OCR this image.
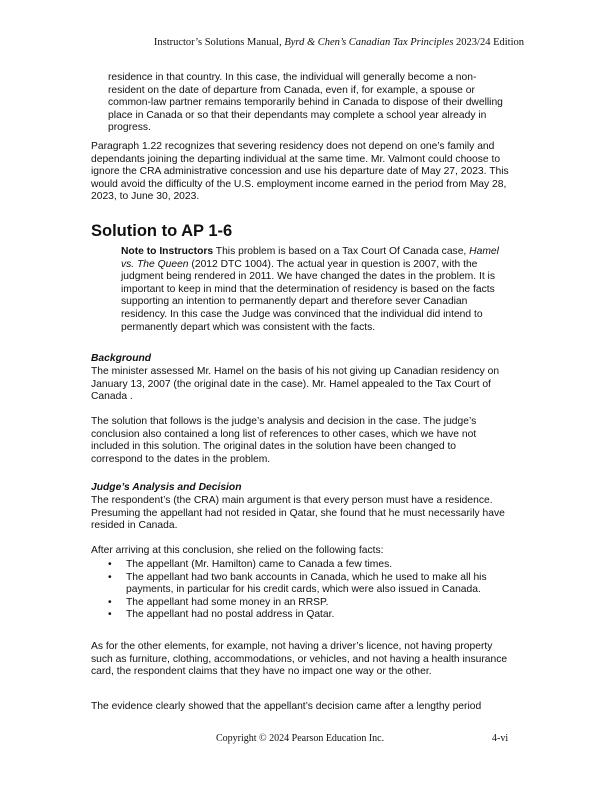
Instructor’s Solutions Manual, Byrd & Chen’s Canadian Tax Principles 2023/24 Edition
residence in that country. In this case, the individual will generally become a non-resident on the date of departure from Canada, even if, for example, a spouse or common-law partner remains temporarily behind in Canada to dispose of their dwelling place in Canada or so that their dependants may complete a school year already in progress.
Paragraph 1.22 recognizes that severing residency does not depend on one’s family and dependants joining the departing individual at the same time. Mr. Valmont could choose to ignore the CRA administrative concession and use his departure date of May 27, 2023. This would avoid the difficulty of the U.S. employment income earned in the period from May 28, 2023, to June 30, 2023.
Solution to AP 1-6
Note to Instructors This problem is based on a Tax Court Of Canada case, Hamel vs. The Queen (2012 DTC 1004). The actual year in question is 2007, with the judgment being rendered in 2011. We have changed the dates in the problem. It is important to keep in mind that the determination of residency is based on the facts supporting an intention to permanently depart and therefore sever Canadian residency. In this case the Judge was convinced that the individual did intend to permanently depart which was consistent with the facts.
Background
The minister assessed Mr. Hamel on the basis of his not giving up Canadian residency on January 13, 2007 (the original date in the case). Mr. Hamel appealed to the Tax Court of Canada .
The solution that follows is the judge’s analysis and decision in the case. The judge’s conclusion also contained a long list of references to other cases, which we have not included in this solution. The original dates in the solution have been changed to correspond to the dates in the problem.
Judge’s Analysis and Decision
The respondent’s (the CRA) main argument is that every person must have a residence. Presuming the appellant had not resided in Qatar, she found that he must necessarily have resided in Canada.
After arriving at this conclusion, she relied on the following facts:
• The appellant (Mr. Hamilton) came to Canada a few times.
• The appellant had two bank accounts in Canada, which he used to make all his payments, in particular for his credit cards, which were also issued in Canada.
• The appellant had some money in an RRSP.
• The appellant had no postal address in Qatar.
As for the other elements, for example, not having a driver’s licence, not having property such as furniture, clothing, accommodations, or vehicles, and not having a health insurance card, the respondent claims that they have no impact one way or the other.
The evidence clearly showed that the appellant’s decision came after a lengthy period
Copyright © 2024 Pearson Education Inc.	4-vi
